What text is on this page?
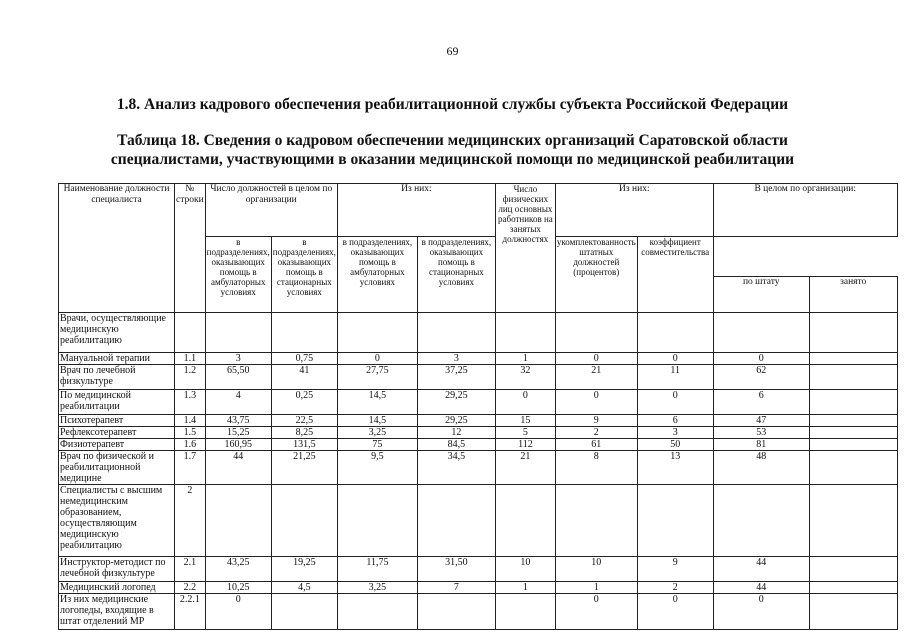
69
1.8. Анализ кадрового обеспечения реабилитационной службы субъекта Российской Федерации
Таблица 18. Сведения о кадровом обеспечении медицинских организаций Саратовской области
специалистами, участвующими в оказании медицинской помощи по медицинской реабилитации
Наименование должности специалиста	№ строки	Число должностей в целом по организации		Из них:		Число физических лиц основных работников на занятых должностях	Из них:		В целом по организации:	
		в подразделениях, оказывающих помощь в амбулаторных условиях	в подразделениях, оказывающих помощь в стационарных условиях	в подразделениях, оказывающих помощь в амбулаторных условиях	в подразделениях, оказывающих помощь в стационарных условиях		укомплектованность штатных должностей (процентов)	коэффициент совместительства		
									по штату	занято
Врачи, осуществляющие медицинскую реабилитацию										
Мануальной терапии	1.1	3	0,75	0	3	1	0	0	0	
Врач по лечебной физкультуре	1.2	65,50	41	27,75	37,25	32	21	11	62	
По медицинской реабилитации	1.3	4	0,25	14,5	29,25	0	0	0	6	
Психотерапевт	1.4	43,75	22,5	14,5	29,25	15	9	6	47	
Рефлексотерапевт	1.5	15,25	8,25	3,25	12	5	2	3	53	
Физиотерапевт	1.6	160,95	131,5	75	84,5	112	61	50	81	
Врач по физической и реабилитационной медицине	1.7	44	21,25	9,5	34,5	21	8	13	48	
Специалисты с высшим немедицинским образованием, осуществляющим медицинскую реабилитацию	2									
Инструктор-методист по лечебной физкультуре	2.1	43,25	19,25	11,75	31,50	10	10	9	44	
Медицинский логопед	2.2	10,25	4,5	3,25	7	1	1	2	44	
Из них медицинские логопеды, входящие в штат отделений МР	2.2.1	0					0	0	0	
